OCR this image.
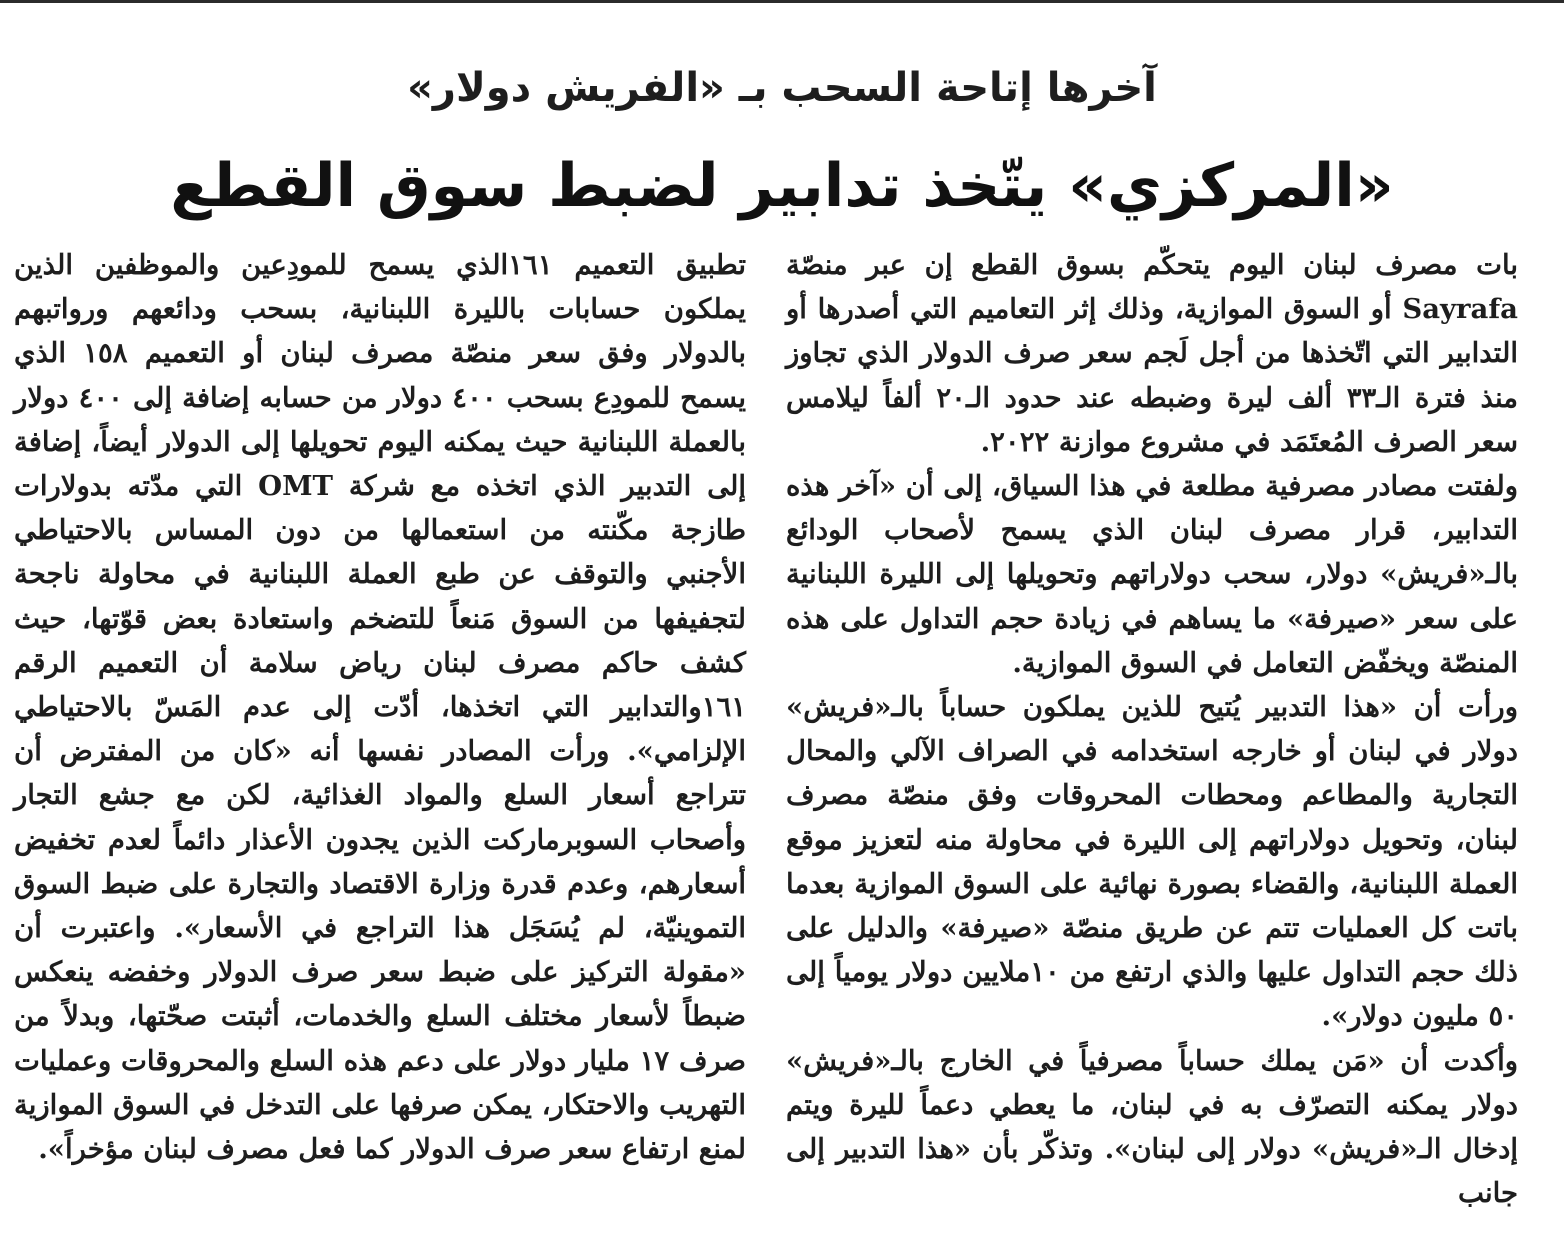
آخرها إتاحة السحب بـ «الفريش دولار»
«المركزي» يتّخذ تدابير لضبط سوق القطع

بات مصرف لبنان اليوم يتحكّم بسوق القطع إن عبر منصّة Sayrafa أو السوق الموازية، وذلك إثر التعاميم التي أصدرها أو التدابير التي اتّخذها من أجل لَجم سعر صرف الدولار الذي تجاوز منذ فترة الـ٣٣ ألف ليرة وضبطه عند حدود الـ٢٠ ألفاً ليلامس سعر الصرف المُعتَمَد في مشروع موازنة ٢٠٢٢.

ولفتت مصادر مصرفية مطلعة في هذا السياق، إلى أن «آخر هذه التدابير، قرار مصرف لبنان الذي يسمح لأصحاب الودائع بالـ«فريش» دولار، سحب دولاراتهم وتحويلها إلى الليرة اللبنانية على سعر «صيرفة» ما يساهم في زيادة حجم التداول على هذه المنصّة ويخفّض التعامل في السوق الموازية.

ورأت أن «هذا التدبير يُتيح للذين يملكون حساباً بالـ«فريش» دولار في لبنان أو خارجه استخدامه في الصراف الآلي والمحال التجارية والمطاعم ومحطات المحروقات وفق منصّة مصرف لبنان، وتحويل دولاراتهم إلى الليرة في محاولة منه لتعزيز موقع العملة اللبنانية، والقضاء بصورة نهائية على السوق الموازية بعدما باتت كل العمليات تتم عن طريق منصّة «صيرفة» والدليل على ذلك حجم التداول عليها والذي ارتفع من ١٠ملايين دولار يومياً إلى ٥٠ مليون دولار».

وأكدت أن «مَن يملك حساباً مصرفياً في الخارج بالـ«فريش» دولار يمكنه التصرّف به في لبنان، ما يعطي دعماً لليرة ويتم إدخال الـ«فريش» دولار إلى لبنان». وتذكّر بأن «هذا التدبير إلى جانب

تطبيق التعميم ١٦١الذي يسمح للمودِعين والموظفين الذين يملكون حسابات بالليرة اللبنانية، بسحب ودائعهم ورواتبهم بالدولار وفق سعر منصّة مصرف لبنان أو التعميم ١٥٨ الذي يسمح للمودِع بسحب ٤٠٠ دولار من حسابه إضافة إلى ٤٠٠ دولار بالعملة اللبنانية حيث يمكنه اليوم تحويلها إلى الدولار أيضاً، إضافة إلى التدبير الذي اتخذه مع شركة OMT التي مدّته بدولارات طازجة مكّنته من استعمالها من دون المساس بالاحتياطي الأجنبي والتوقف عن طبع العملة اللبنانية في محاولة ناجحة لتجفيفها من السوق مَنعاً للتضخم واستعادة بعض قوّتها، حيث كشف حاكم مصرف لبنان رياض سلامة أن التعميم الرقم ١٦١والتدابير التي اتخذها، أدّت إلى عدم المَسّ بالاحتياطي الإلزامي». ورأت المصادر نفسها أنه «كان من المفترض أن تتراجع أسعار السلع والمواد الغذائية، لكن مع جشع التجار وأصحاب السوبرماركت الذين يجدون الأعذار دائماً لعدم تخفيض أسعارهم، وعدم قدرة وزارة الاقتصاد والتجارة على ضبط السوق التموينيّة، لم يُسَجَل هذا التراجع في الأسعار». واعتبرت أن «مقولة التركيز على ضبط سعر صرف الدولار وخفضه ينعكس ضبطاً لأسعار مختلف السلع والخدمات، أثبتت صحّتها، وبدلاً من صرف ١٧ مليار دولار على دعم هذه السلع والمحروقات وعمليات التهريب والاحتكار، يمكن صرفها على التدخل في السوق الموازية لمنع ارتفاع سعر صرف الدولار كما فعل مصرف لبنان مؤخراً».
